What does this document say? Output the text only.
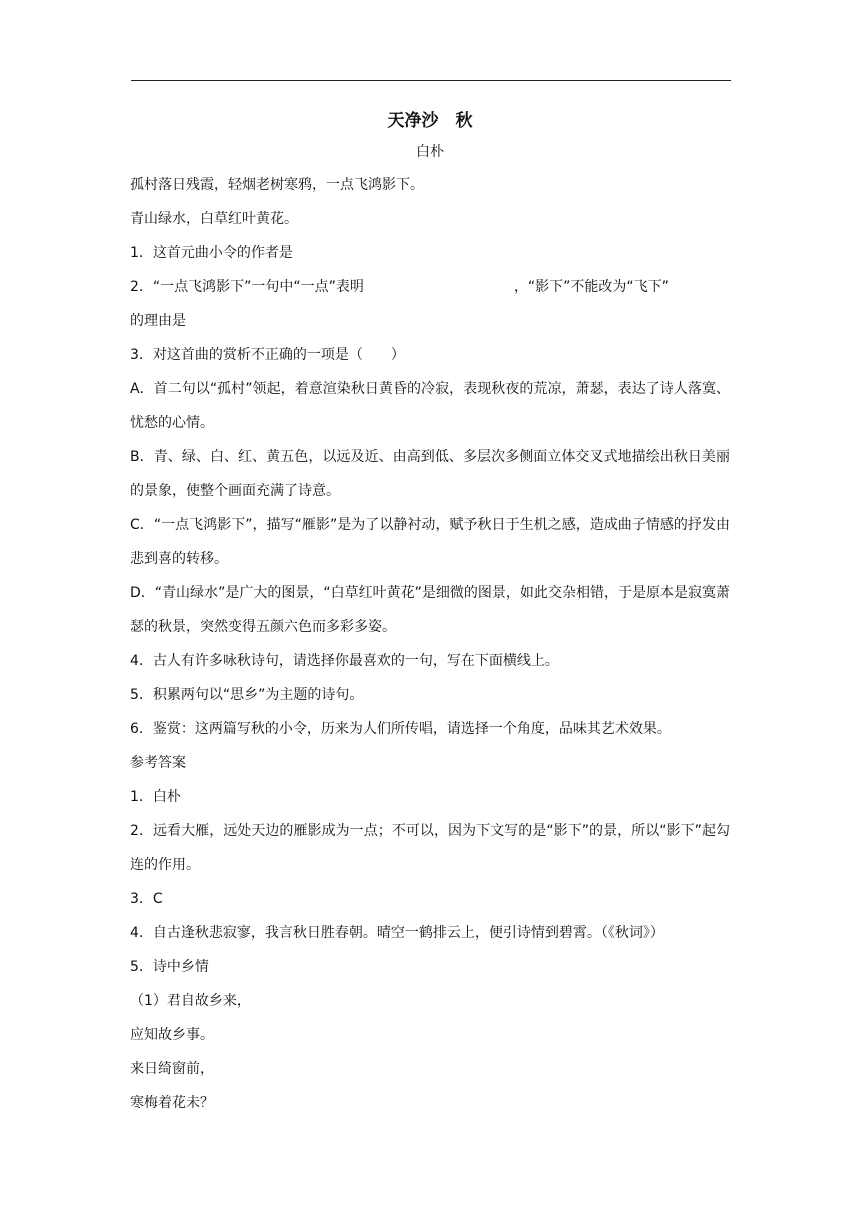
天净沙　秋

白朴

孤村落日残霞，轻烟老树寒鸦，一点飞鸿影下。

青山绿水，白草红叶黄花。

1．这首元曲小令的作者是

2．“一点飞鸿影下”一句中“一点”表明	，“影下”不能改为“飞下”

的理由是

3．对这首曲的赏析不正确的一项是（　　）

A．首二句以“孤村”领起，着意渲染秋日黄昏的冷寂，表现秋夜的荒凉，萧瑟，表达了诗人落寞、忧愁的心情。

B．青、绿、白、红、黄五色，以远及近、由高到低、多层次多侧面立体交叉式地描绘出秋日美丽的景象，使整个画面充满了诗意。

C．“一点飞鸿影下”，描写“雁影”是为了以静衬动，赋予秋日于生机之感，造成曲子情感的抒发由悲到喜的转移。

D．“青山绿水”是广大的图景，“白草红叶黄花”是细微的图景，如此交杂相错，于是原本是寂寞萧瑟的秋景，突然变得五颜六色而多彩多姿。

4．古人有许多咏秋诗句，请选择你最喜欢的一句，写在下面横线上。

5．积累两句以“思乡”为主题的诗句。

6．鉴赏：这两篇写秋的小令，历来为人们所传唱，请选择一个角度，品味其艺术效果。

参考答案

1．白朴

2．远看大雁，远处天边的雁影成为一点；不可以，因为下文写的是“影下”的景，所以“影下”起勾连的作用。

3．C

4．自古逢秋悲寂寥，我言秋日胜春朝。晴空一鹤排云上，便引诗情到碧霄。（《秋词》）

5．诗中乡情

（1）君自故乡来，

应知故乡事。

来日绮窗前，

寒梅着花未？
